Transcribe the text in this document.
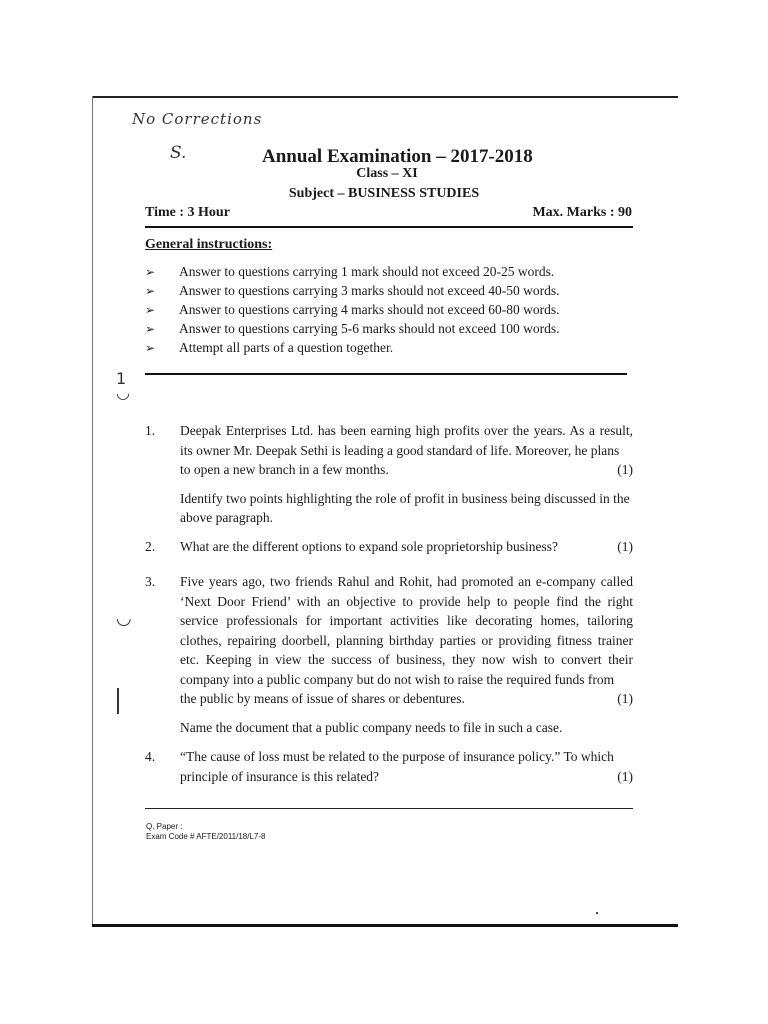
No Corrections
S.	Annual Examination – 2017-2018
Class – XI
Subject – BUSINESS STUDIES
Time : 3 Hour	Max. Marks : 90
General instructions:
➢	Answer to questions carrying 1 mark should not exceed 20-25 words.
➢	Answer to questions carrying 3 marks should not exceed 40-50 words.
➢	Answer to questions carrying 4 marks should not exceed 60-80 words.
➢	Answer to questions carrying 5-6 marks should not exceed 100 words.
➢	Attempt all parts of a question together.
1
◡
◡
1.	Deepak Enterprises Ltd. has been earning high profits over the years. As a result, its owner Mr. Deepak Sethi is leading a good standard of life. Moreover, he plans
to open a new branch in a few months.	(1)
Identify two points highlighting the role of profit in business being discussed in the above paragraph.
2.	What are the different options to expand sole proprietorship business?	(1)
3.	Five years ago, two friends Rahul and Rohit, had promoted an e-company called ‘Next Door Friend’ with an objective to provide help to people find the right service professionals for important activities like decorating homes, tailoring clothes, repairing doorbell, planning birthday parties or providing fitness trainer etc. Keeping in view the success of business, they now wish to convert their company into a public company but do not wish to raise the required funds from
the public by means of issue of shares or debentures.	(1)
Name the document that a public company needs to file in such a case.
4.	“The cause of loss must be related to the purpose of insurance policy.” To which
principle of insurance is this related?	(1)
Q. Paper :
Exam Code # AFTE/2011/18/L7-8
